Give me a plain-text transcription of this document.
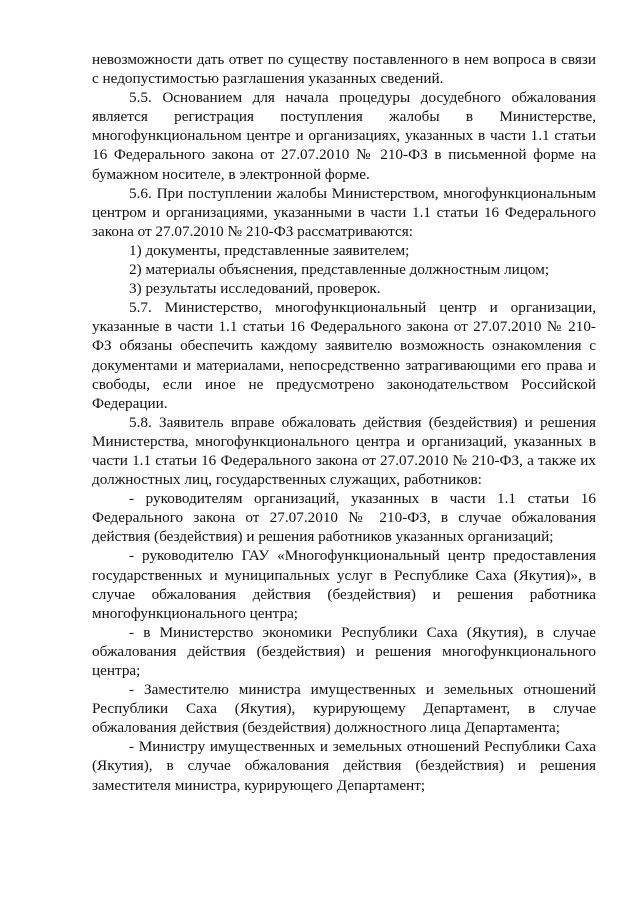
невозможности дать ответ по существу поставленного в нем вопроса в связи с недопустимостью разглашения указанных сведений.

5.5. Основанием для начала процедуры досудебного обжалования является регистрация поступления жалобы в Министерстве, многофункциональном центре и организациях, указанных в части 1.1 статьи 16 Федерального закона от 27.07.2010 № 210-ФЗ в письменной форме на бумажном носителе, в электронной форме.

5.6. При поступлении жалобы Министерством, многофункциональным центром и организациями, указанными в части 1.1 статьи 16 Федерального закона от 27.07.2010 № 210-ФЗ рассматриваются:

1) документы, представленные заявителем;

2) материалы объяснения, представленные должностным лицом;

3) результаты исследований, проверок.

5.7. Министерство, многофункциональный центр и организации, указанные в части 1.1 статьи 16 Федерального закона от 27.07.2010 № 210-ФЗ обязаны обеспечить каждому заявителю возможность ознакомления с документами и материалами, непосредственно затрагивающими его права и свободы, если иное не предусмотрено законодательством Российской Федерации.

5.8. Заявитель вправе обжаловать действия (бездействия) и решения Министерства, многофункционального центра и организаций, указанных в части 1.1 статьи 16 Федерального закона от 27.07.2010 № 210-ФЗ, а также их должностных лиц, государственных служащих, работников:

- руководителям организаций, указанных в части 1.1 статьи 16 Федерального закона от 27.07.2010 № 210-ФЗ, в случае обжалования действия (бездействия) и решения работников указанных организаций;

- руководителю ГАУ «Многофункциональный центр предоставления государственных и муниципальных услуг в Республике Саха (Якутия)», в случае обжалования действия (бездействия) и решения работника многофункционального центра;

- в Министерство экономики Республики Саха (Якутия), в случае обжалования действия (бездействия) и решения многофункционального центра;

- Заместителю министра имущественных и земельных отношений Республики Саха (Якутия), курирующему Департамент, в случае обжалования действия (бездействия) должностного лица Департамента;

- Министру имущественных и земельных отношений Республики Саха (Якутия), в случае обжалования действия (бездействия) и решения заместителя министра, курирующего Департамент;
